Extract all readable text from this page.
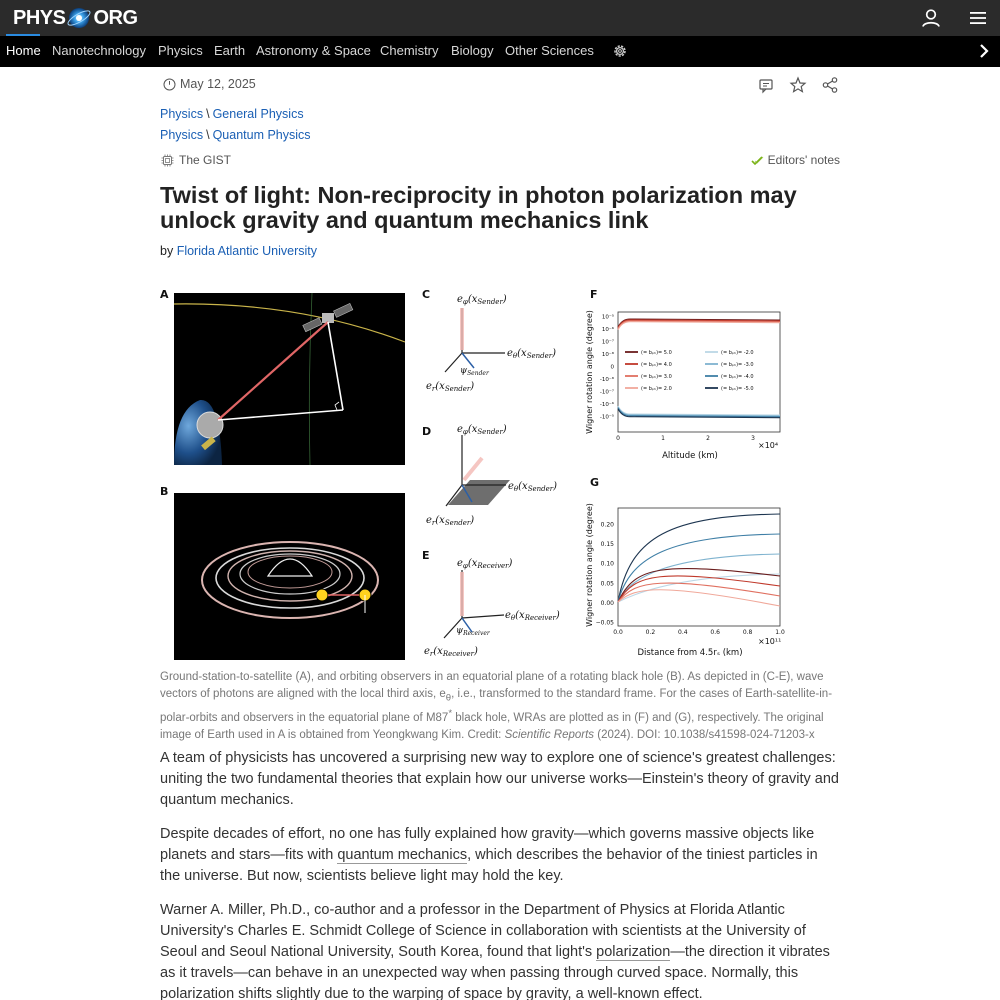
PHYS ORG
Home Nanotechnology Physics Earth Astronomy & Space Chemistry Biology Other Sciences
May 12, 2025
Physics \ General Physics
Physics \ Quantum Physics
The GIST	Editors' notes
Twist of light: Non-reciprocity in photon polarization may unlock gravity and quantum mechanics link
by Florida Atlantic University
A
B
C	$e_\varphi(x_{Sender})$
$e_\theta(x_{Sender})$
$e_r(x_{Sender})$
$\psi_{Sender}$
D	$e_\varphi(x_{Sender})$
$e_\theta(x_{Sender})$
$e_r(x_{Sender})$
E
$e_\varphi(x_{Receiver})$
$e_\theta(x_{Receiver})$
$e_r(x_{Receiver})$
$\psi_{Receiver}$
F
Wigner rotation angle (degree)
Altitude (km)
×10⁴
10⁻⁵
10⁻⁶
10⁻⁷
10⁻⁸
0
-10⁻⁸
-10⁻⁷
-10⁻⁶
-10⁻⁵
0	1	2	3
(= bₚₕ)= 5.0
(= bₚₕ)= 4.0
(= bₚₕ)= 3.0
(= bₚₕ)= 2.0
(= bₚₕ)= -2.0
(= bₚₕ)= -3.0
(= bₚₕ)= -4.0
(= bₚₕ)= -5.0
G
Wigner rotation angle (degree)
Distance from 4.5rₛ (km)
×10¹¹
0.20
0.15
0.10
0.05
0.00
−0.05
0.0	0.2	0.4	0.6	0.8	1.0
Ground-station-to-satellite (A), and orbiting observers in an equatorial plane of a rotating black hole (B). As depicted in (C-E), wave vectors of photons are aligned with the local third axis, $e_\theta$, i.e., transformed to the standard frame. For the cases of Earth-satellite-in-polar-orbits and observers in the equatorial plane of M87* black hole, WRAs are plotted as in (F) and (G), respectively. The original image of Earth used in A is obtained from Yeongkwang Kim. Credit: Scientific Reports (2024). DOI: 10.1038/s41598-024-71203-x

A team of physicists has uncovered a surprising new way to explore one of science's greatest challenges: uniting the two fundamental theories that explain how our universe works—Einstein's theory of gravity and quantum mechanics.

Despite decades of effort, no one has fully explained how gravity—which governs massive objects like planets and stars—fits with quantum mechanics, which describes the behavior of the tiniest particles in the universe. But now, scientists believe light may hold the key.

Warner A. Miller, Ph.D., co-author and a professor in the Department of Physics at Florida Atlantic University's Charles E. Schmidt College of Science in collaboration with scientists at the University of Seoul and Seoul National University, South Korea, found that light's polarization—the direction it vibrates as it travels—can behave in an unexpected way when passing through curved space. Normally, this polarization shifts slightly due to the warping of space by gravity, a well-known effect.
